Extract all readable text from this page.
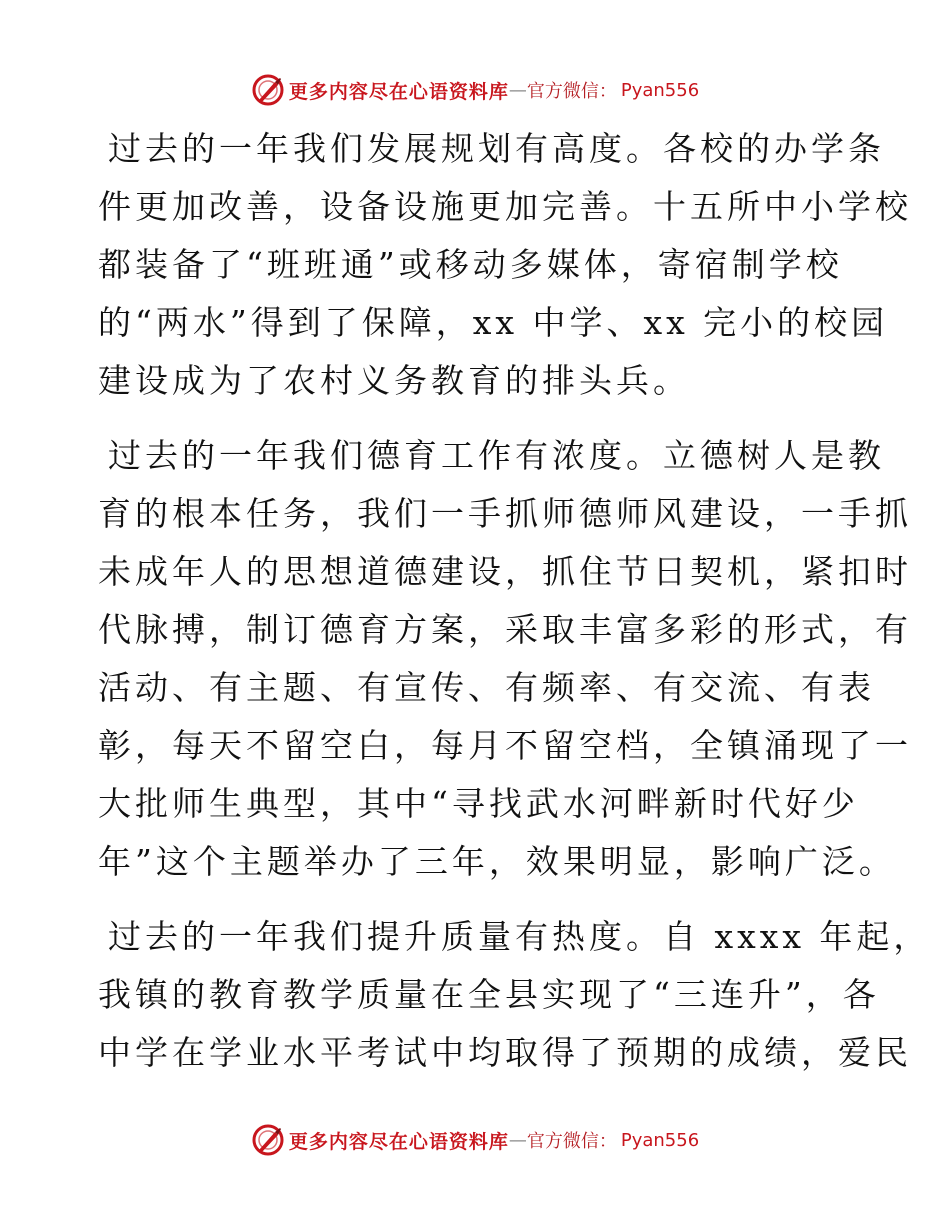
更多内容尽在心语资料库 — 官方微信 ： Pyan556
过去的一年我们发展规划有高度。各校的办学条
件更加改善，设备设施更加完善。十五所中小学校
都装备了“班班通”或移动多媒体，寄宿制学校
的“两水”得到了保障，xx 中学、xx 完小的校园
建设成为了农村义务教育的排头兵。
过去的一年我们德育工作有浓度。立德树人是教
育的根本任务，我们一手抓师德师风建设，一手抓
未成年人的思想道德建设，抓住节日契机，紧扣时
代脉搏，制订德育方案，采取丰富多彩的形式，有
活动、有主题、有宣传、有频率、有交流、有表
彰，每天不留空白，每月不留空档，全镇涌现了一
大批师生典型，其中“寻找武水河畔新时代好少
年”这个主题举办了三年，效果明显，影响广泛。
过去的一年我们提升质量有热度。自 xxxx 年起，
我镇的教育教学质量在全县实现了“三连升”，各
中学在学业水平考试中均取得了预期的成绩，爱民
更多内容尽在心语资料库 — 官方微信 ： Pyan556
